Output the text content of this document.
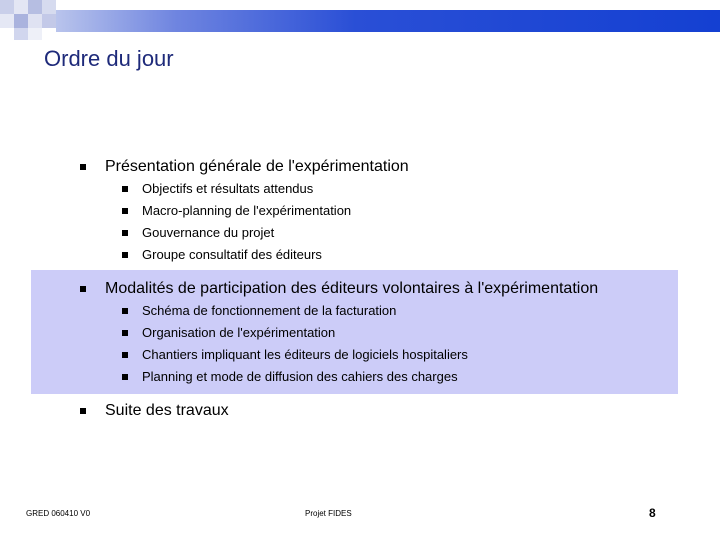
Ordre du jour
Présentation générale de l'expérimentation
Objectifs et résultats attendus
Macro-planning de l'expérimentation
Gouvernance du projet
Groupe consultatif des éditeurs
Modalités de participation des éditeurs volontaires à l'expérimentation
Schéma de fonctionnement de la facturation
Organisation de l'expérimentation
Chantiers impliquant les éditeurs de logiciels hospitaliers
Planning et mode de diffusion des cahiers des charges
Suite des travaux
GRED 060410 V0	Projet FIDES	8
